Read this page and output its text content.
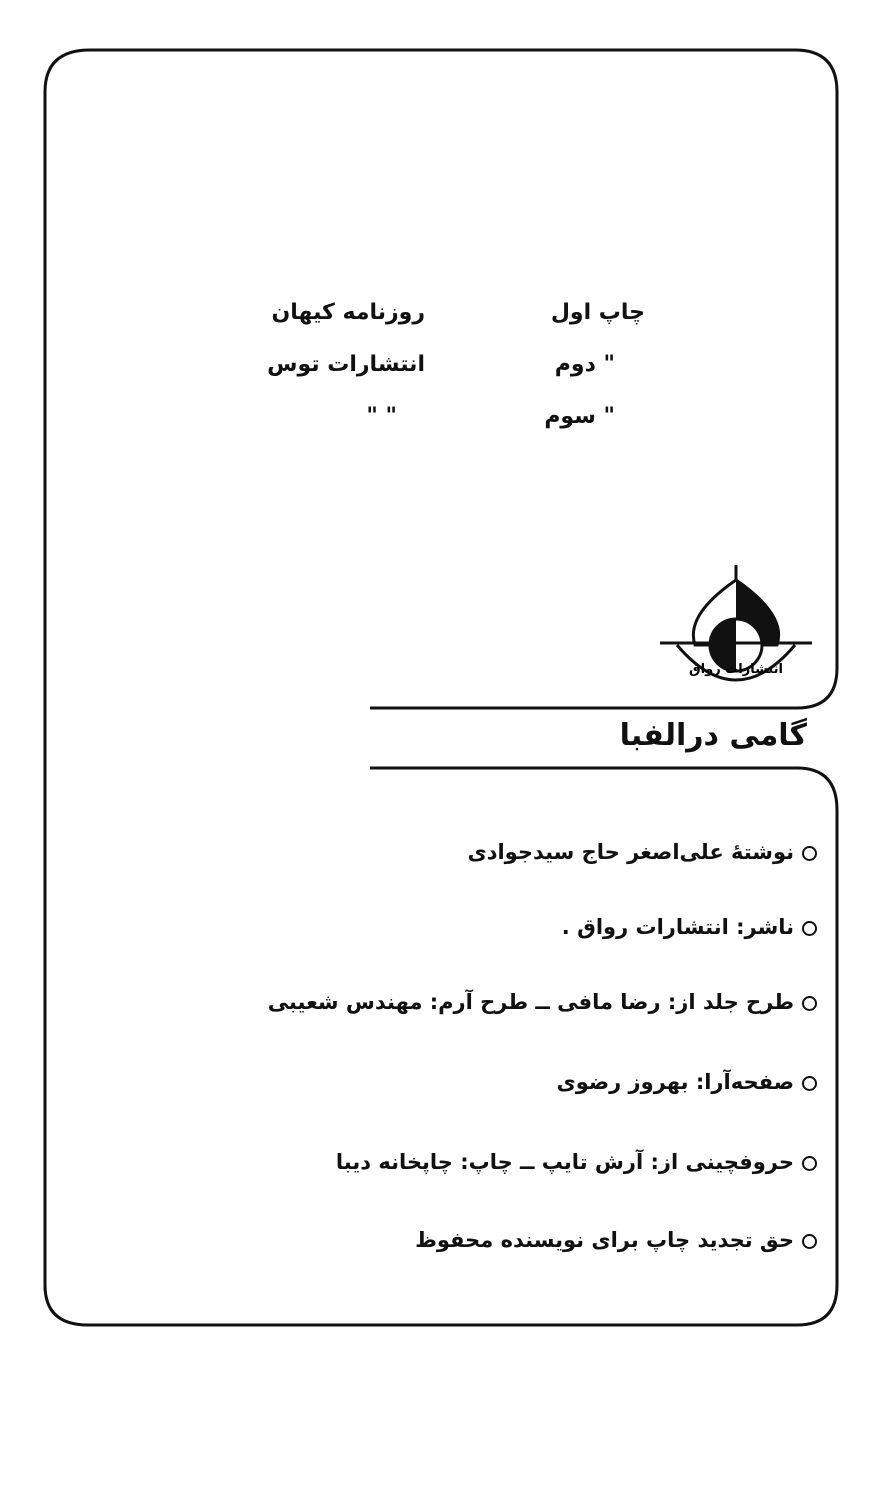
چاپ اول
روزنامه کیهان
" دوم
انتشارات توس
" سوم
" "
انتشارات رواق
گامی درالفبا
نوشتهٔ علی‌اصغر حاج سیدجوادی
ناشر: انتشارات رواق .
طرح جلد از: رضا مافی ــ طرح آرم: مهندس شعیبی
صفحه‌آرا: بهروز رضوی
حروفچینی از: آرش تایپ ــ چاپ: چاپخانه دیبا
حق تجدید چاپ برای نویسنده محفوظ
